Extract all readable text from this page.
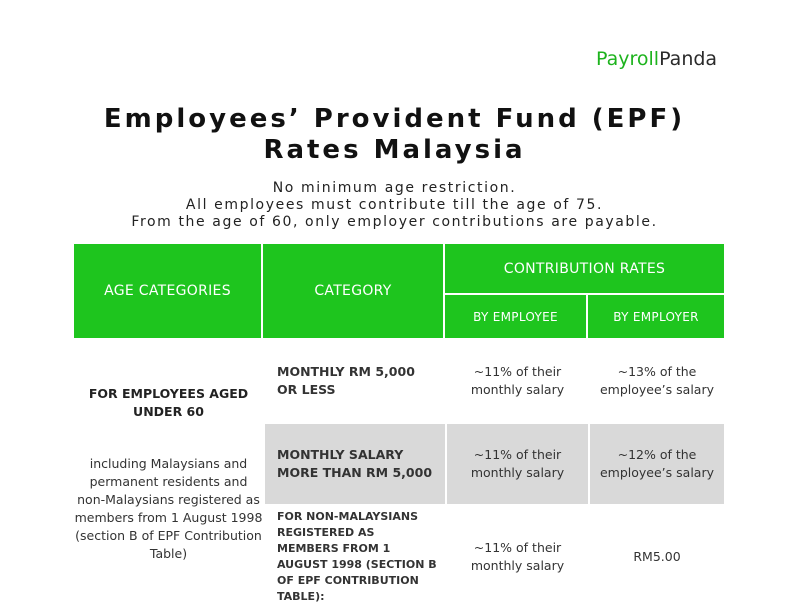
PayrollPanda
Employees’ Provident Fund (EPF)
Rates Malaysia
No minimum age restriction.
All employees must contribute till the age of 75.
From the age of 60, only employer contributions are payable.
AGE CATEGORIES	CATEGORY	CONTRIBUTION RATES	
		BY EMPLOYEE	BY EMPLOYER

FOR EMPLOYEES AGED UNDER 60
including Malaysians and permanent residents and non-Malaysians registered as members from 1 August 1998 (section B of EPF Contribution Table)	MONTHLY RM 5,000 OR LESS	~11% of their monthly salary	~13% of the employee’s salary
	MONTHLY SALARY MORE THAN RM 5,000	~11% of their monthly salary	~12% of the employee’s salary
	FOR NON-MALAYSIANS REGISTERED AS MEMBERS FROM 1 AUGUST 1998 (SECTION B OF EPF CONTRIBUTION TABLE):	~11% of their monthly salary	RM5.00
